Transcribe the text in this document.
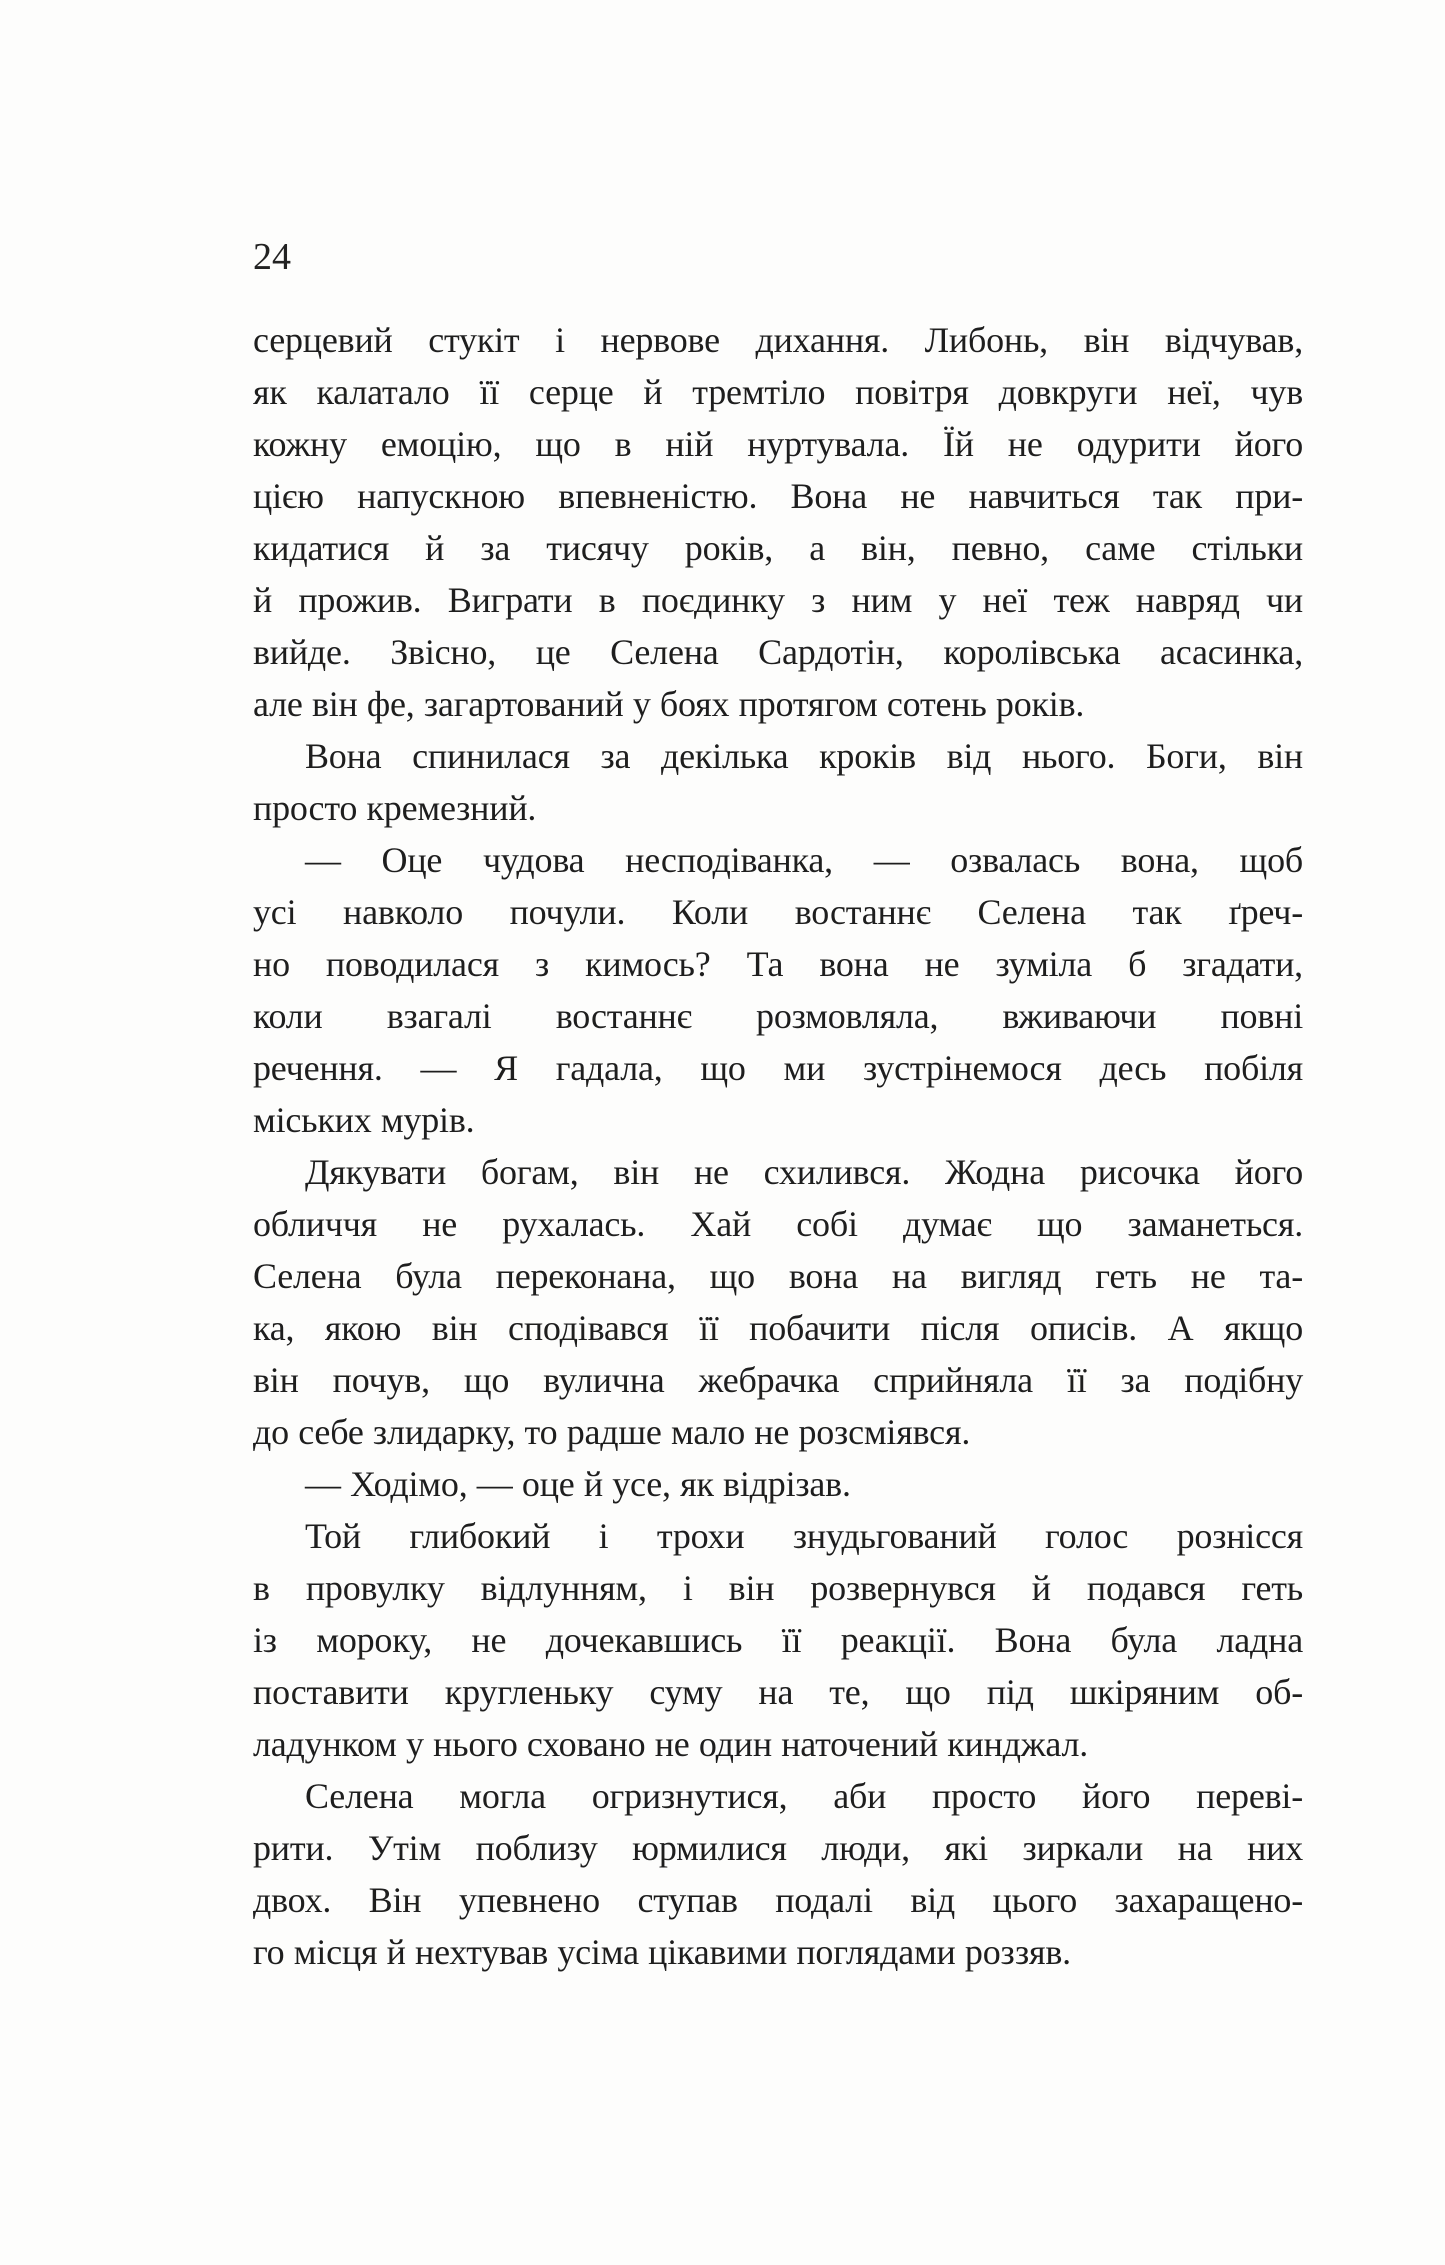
24
серцевий стукіт і нервове дихання. Либонь, він відчував,
як калатало її серце й тремтіло повітря довкруги неї, чув
кожну емоцію, що в ній нуртувала. Їй не одурити його
цією напускною впевненістю. Вона не навчиться так при-
кидатися й за тисячу років, а він, певно, саме стільки
й прожив. Виграти в поєдинку з ним у неї теж навряд чи
вийде. Звісно, це Селена Сардотін, королівська асасинка,
але він фе, загартований у боях протягом сотень років.
Вона спинилася за декілька кроків від нього. Боги, він
просто кремезний.
— Оце чудова несподіванка, — озвалась вона, щоб
усі навколо почули. Коли востаннє Селена так ґреч-
но поводилася з кимось? Та вона не зуміла б згадати,
коли взагалі востаннє розмовляла, вживаючи повні
речення. — Я гадала, що ми зустрінемося десь побіля
міських мурів.
Дякувати богам, він не схилився. Жодна рисочка його
обличчя не рухалась. Хай собі думає що заманеться.
Селена була переконана, що вона на вигляд геть не та-
ка, якою він сподівався її побачити після описів. А якщо
він почув, що вулична жебрачка сприйняла її за подібну
до себе злидарку, то радше мало не розсміявся.
— Ходімо, — оце й усе, як відрізав.
Той глибокий і трохи знудьгований голос рознісся
в провулку відлунням, і він розвернувся й подався геть
із мороку, не дочекавшись її реакції. Вона була ладна
поставити кругленьку суму на те, що під шкіряним об-
ладунком у нього сховано не один наточений кинджал.
Селена могла огризнутися, аби просто його переві-
рити. Утім поблизу юрмилися люди, які зиркали на них
двох. Він упевнено ступав подалі від цього захаращено-
го місця й нехтував усіма цікавими поглядами роззяв.
